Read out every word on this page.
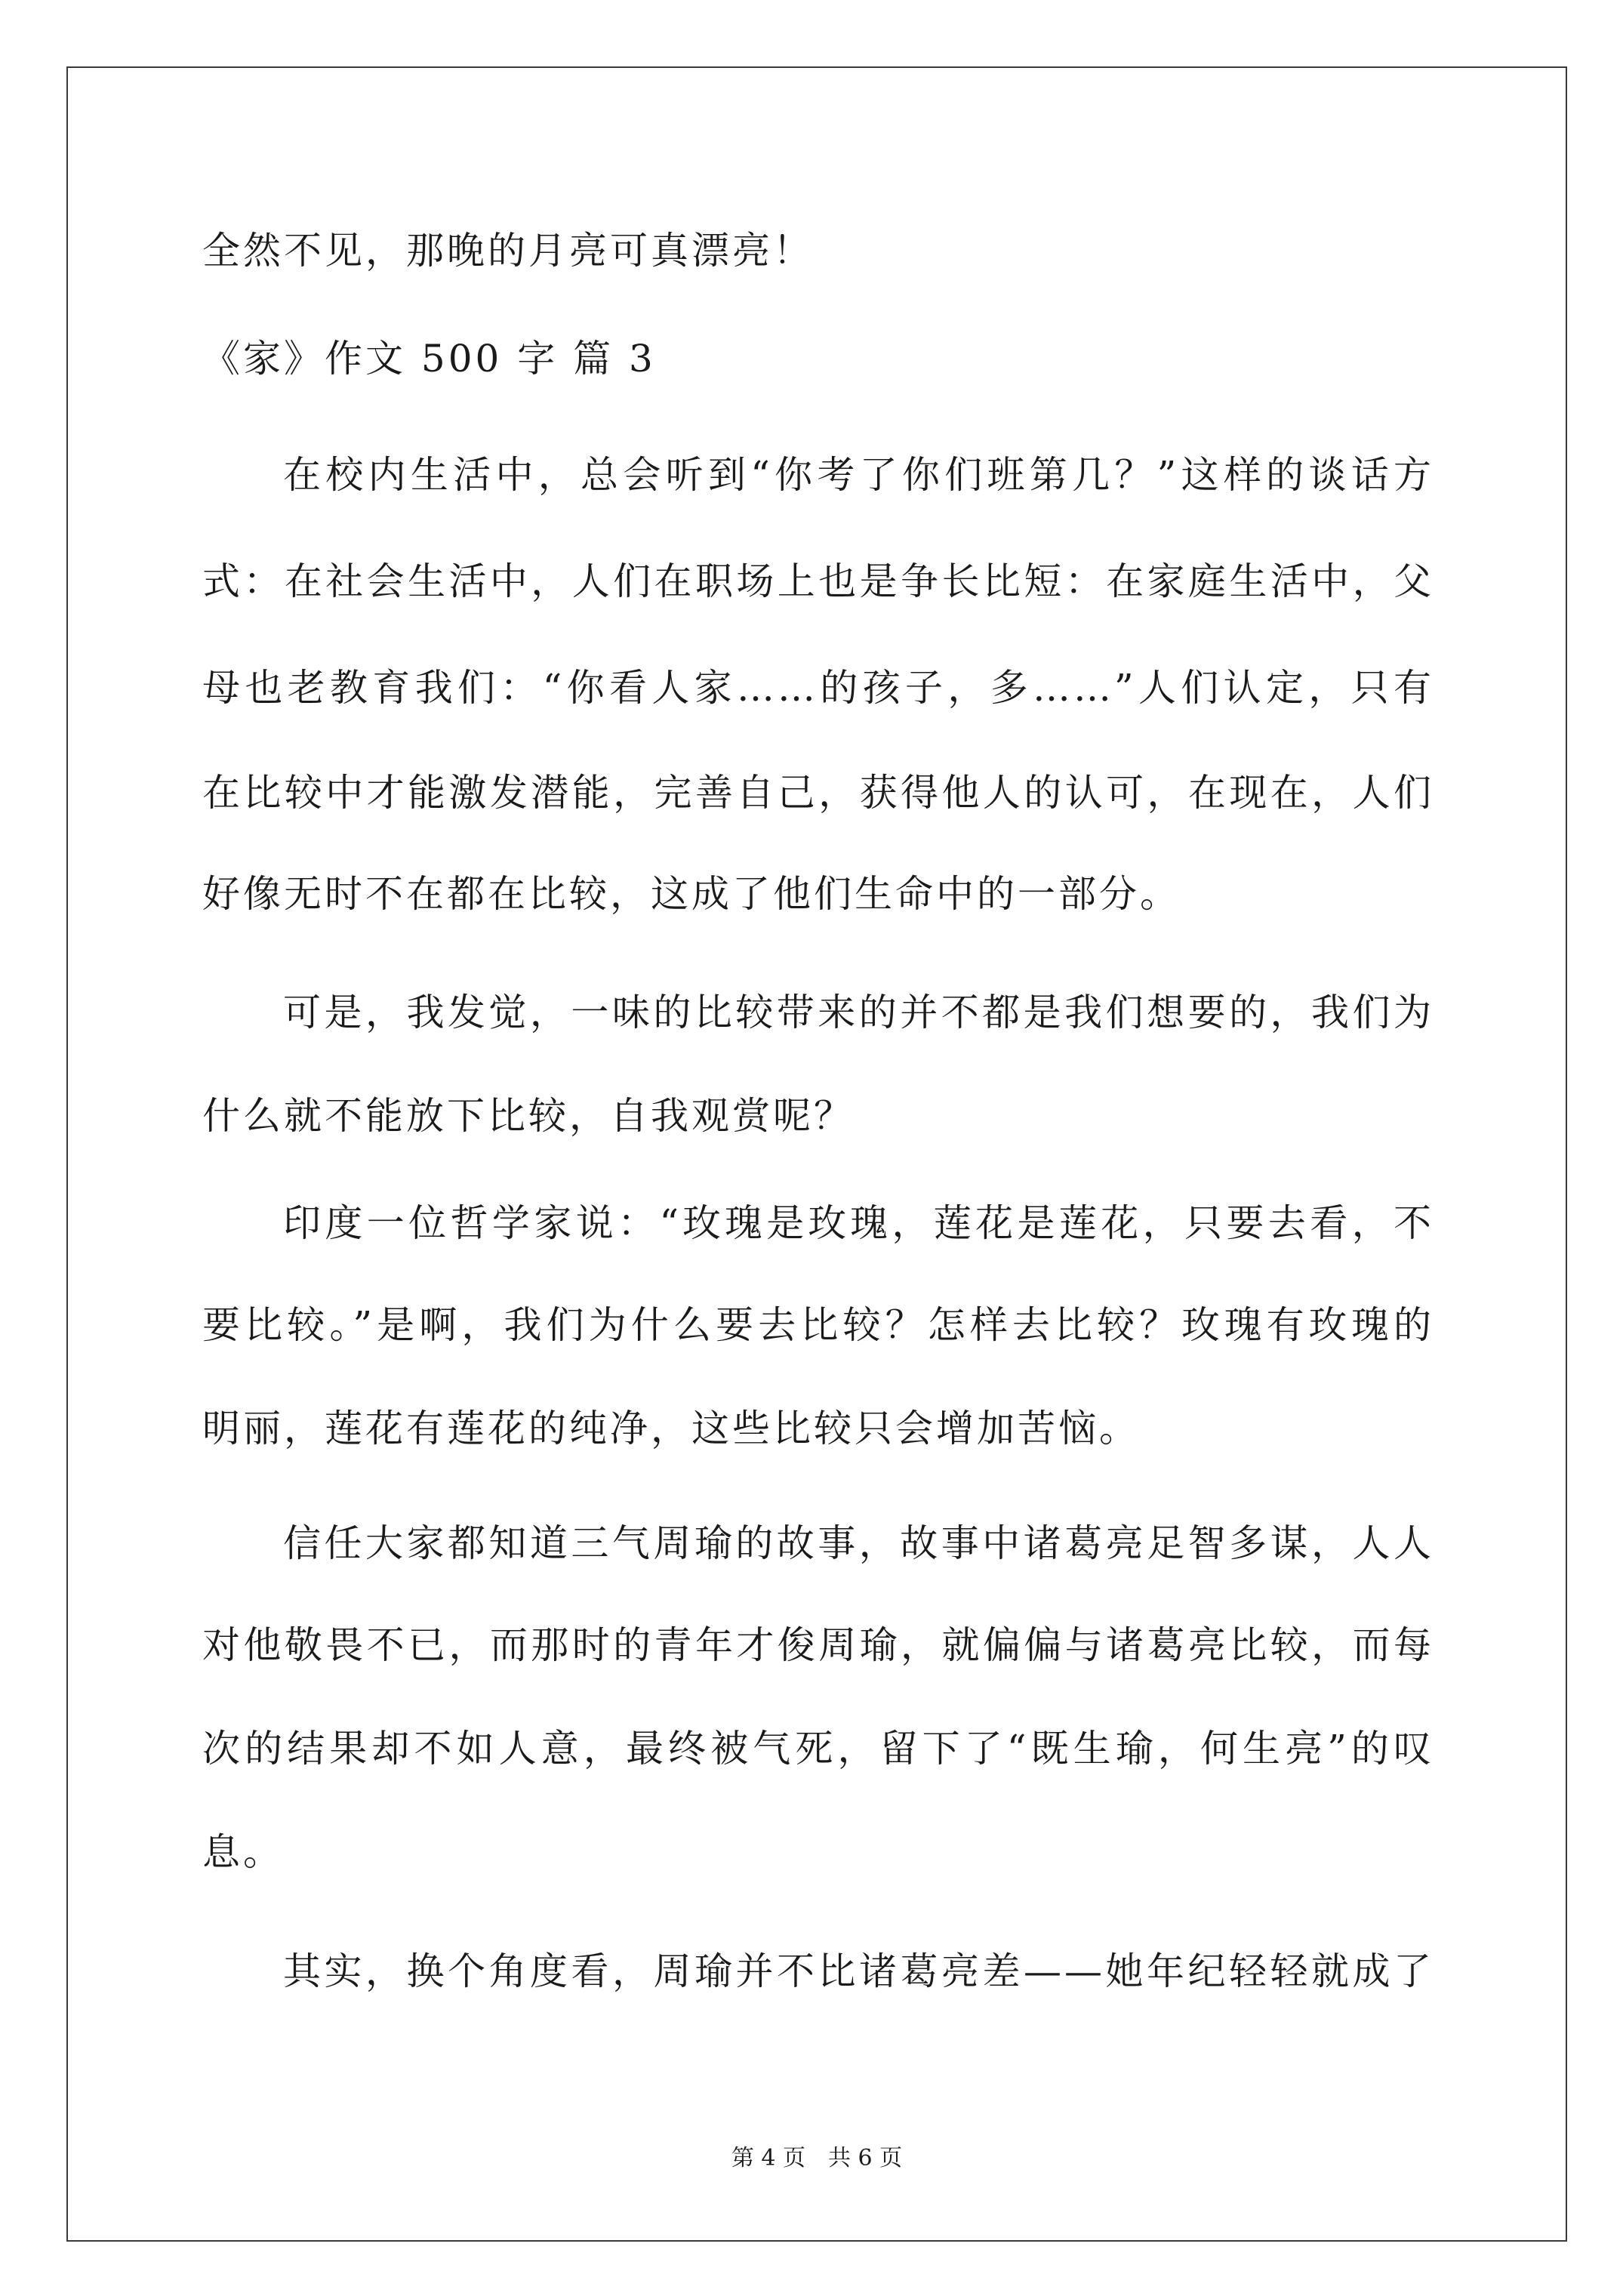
全然不见，那晚的月亮可真漂亮！
《家》作文 500 字 篇 3
在校内生活中，总会听到“你考了你们班第几？”这样的谈话方
式：在社会生活中，人们在职场上也是争长比短：在家庭生活中，父
母也老教育我们：“你看人家……的孩子，多……”人们认定，只有
在比较中才能激发潜能，完善自己，获得他人的认可，在现在，人们
好像无时不在都在比较，这成了他们生命中的一部分。
可是，我发觉，一味的比较带来的并不都是我们想要的，我们为
什么就不能放下比较，自我观赏呢？
印度一位哲学家说：“玫瑰是玫瑰，莲花是莲花，只要去看，不
要比较。”是啊，我们为什么要去比较？怎样去比较？玫瑰有玫瑰的
明丽，莲花有莲花的纯净，这些比较只会增加苦恼。
信任大家都知道三气周瑜的故事，故事中诸葛亮足智多谋，人人
对他敬畏不已，而那时的青年才俊周瑜，就偏偏与诸葛亮比较，而每
次的结果却不如人意，最终被气死，留下了“既生瑜，何生亮”的叹
息。
其实，换个角度看，周瑜并不比诸葛亮差——她年纪轻轻就成了
第 4 页 共 6 页
